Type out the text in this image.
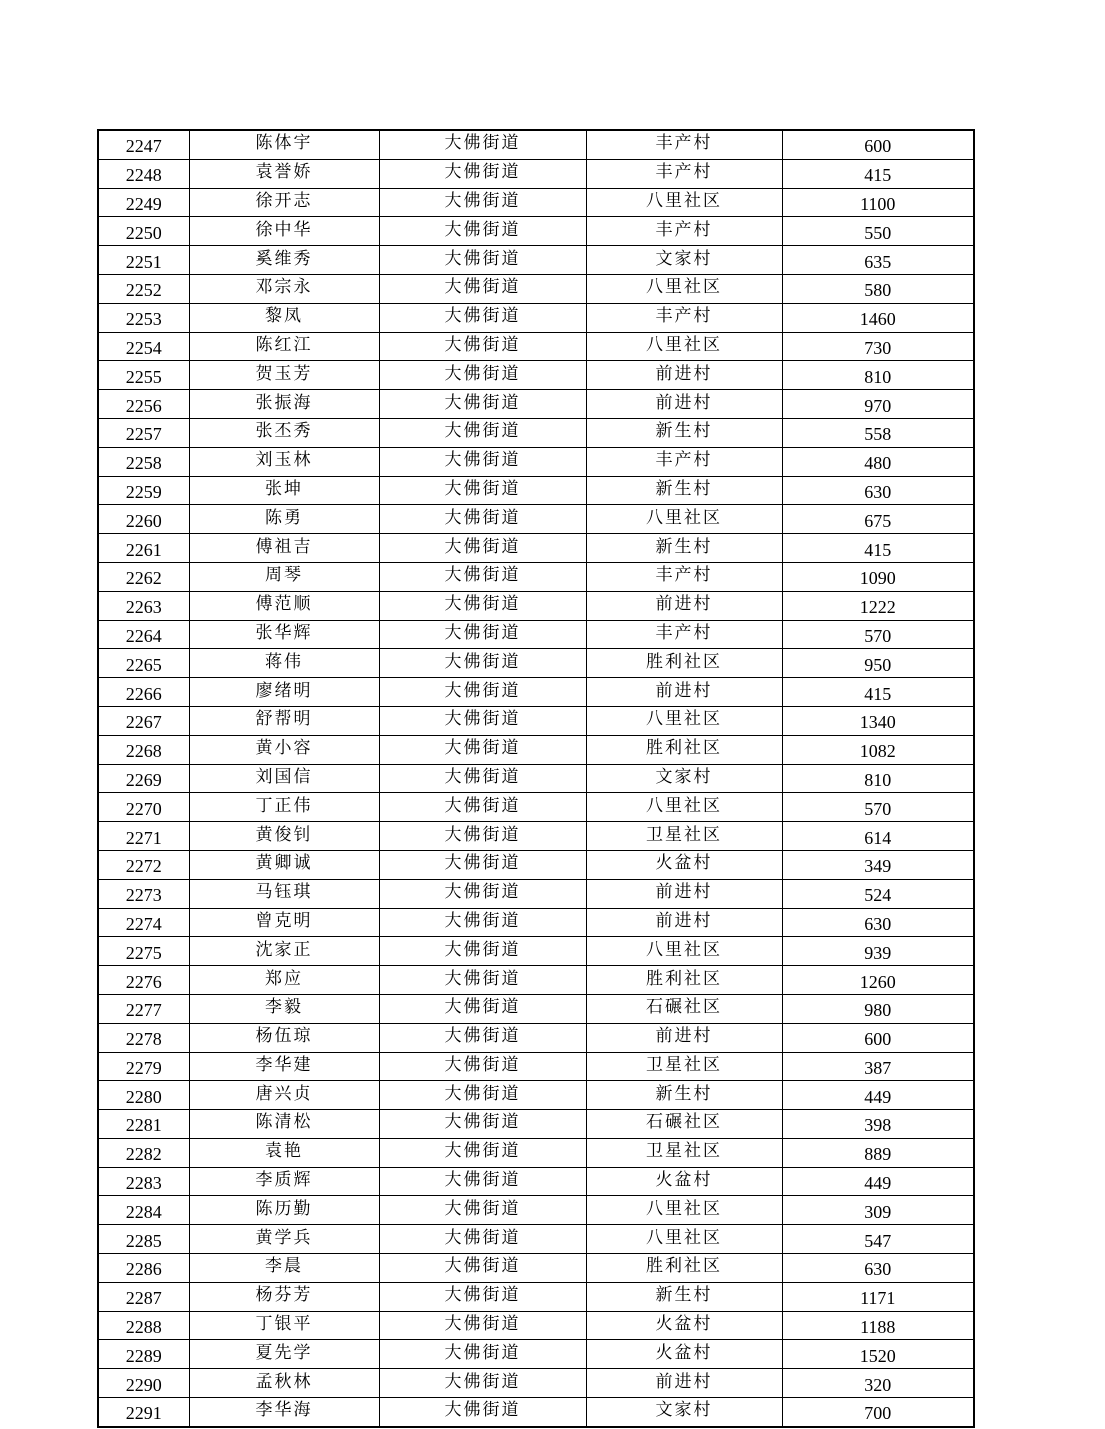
2247	陈体宇	大佛街道	丰产村	600
2248	袁誉娇	大佛街道	丰产村	415
2249	徐开志	大佛街道	八里社区	1100
2250	徐中华	大佛街道	丰产村	550
2251	奚维秀	大佛街道	文家村	635
2252	邓宗永	大佛街道	八里社区	580
2253	黎凤	大佛街道	丰产村	1460
2254	陈红江	大佛街道	八里社区	730
2255	贺玉芳	大佛街道	前进村	810
2256	张振海	大佛街道	前进村	970
2257	张丕秀	大佛街道	新生村	558
2258	刘玉林	大佛街道	丰产村	480
2259	张坤	大佛街道	新生村	630
2260	陈勇	大佛街道	八里社区	675
2261	傅祖吉	大佛街道	新生村	415
2262	周琴	大佛街道	丰产村	1090
2263	傅范顺	大佛街道	前进村	1222
2264	张华辉	大佛街道	丰产村	570
2265	蒋伟	大佛街道	胜利社区	950
2266	廖绪明	大佛街道	前进村	415
2267	舒帮明	大佛街道	八里社区	1340
2268	黄小容	大佛街道	胜利社区	1082
2269	刘国信	大佛街道	文家村	810
2270	丁正伟	大佛街道	八里社区	570
2271	黄俊钊	大佛街道	卫星社区	614
2272	黄卿诚	大佛街道	火盆村	349
2273	马钰琪	大佛街道	前进村	524
2274	曾克明	大佛街道	前进村	630
2275	沈家正	大佛街道	八里社区	939
2276	郑应	大佛街道	胜利社区	1260
2277	李毅	大佛街道	石碾社区	980
2278	杨伍琼	大佛街道	前进村	600
2279	李华建	大佛街道	卫星社区	387
2280	唐兴贞	大佛街道	新生村	449
2281	陈清松	大佛街道	石碾社区	398
2282	袁艳	大佛街道	卫星社区	889
2283	李质辉	大佛街道	火盆村	449
2284	陈历勤	大佛街道	八里社区	309
2285	黄学兵	大佛街道	八里社区	547
2286	李晨	大佛街道	胜利社区	630
2287	杨芬芳	大佛街道	新生村	1171
2288	丁银平	大佛街道	火盆村	1188
2289	夏先学	大佛街道	火盆村	1520
2290	孟秋林	大佛街道	前进村	320
2291	李华海	大佛街道	文家村	700
